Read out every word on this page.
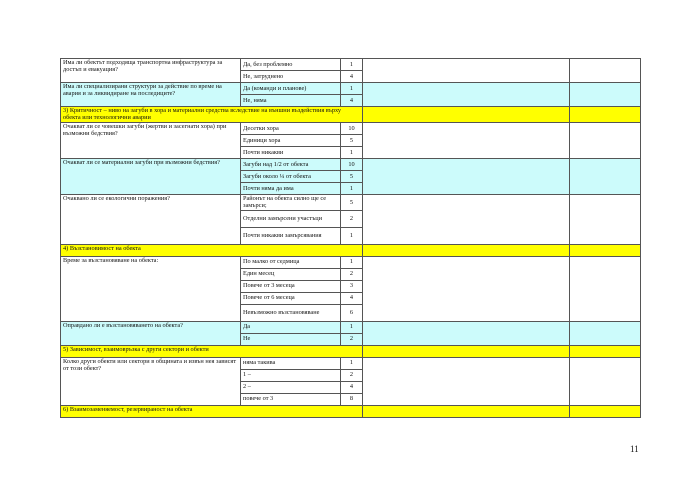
Има ли обектът подходяща транспортна инфраструктура за достъп и евакуация?	Да, без проблемно	1		
	Не, затруднено	4		
Има ли специализирани структури за действие по време на авария и за ликвидиране на последиците?	Да (команди и планове)	1		
	Не, няма	4		
3) Критичност – ниво на загуби в хора и материални средства вследствие на външни въздействия върху обекта или технологични аварии				
Очакват ли се човешки загуби (жертви и засегнати хора) при възможни бедствия?	Десетки хора	10		
	Единици хора	5		
	Почти никакви	1		
Очакват ли се материални загуби при възможни бедствия?	Загуби над 1/2 от обекта	10		
	Загуби около ¼ от обекта	5		
	Почти няма да има	1		
Очаквано ли се екологични поражения?	Районът на обекта силно ще се замърси;	5		
	Отделни замърсени участъци	2		
	Почти никакви замърсявания	1		
4) Възстановимост на обекта				
Време за възстановяване на обекта:	По малко от седмица	1		
	Един месец	2		
	Повече от 3 месеца	3		
	Повече от 6 месеца	4		
	Невъзможно възстановяване	6		
Оправдано ли е възстановяването на обекта?	Да	1		
	Не	2		
5) Зависимост, взаимовръзка с други сектори и обекти				
Колко други обекти или сектори в общината и извън нея зависят от този обект?	няма такива	1		
	1 –	2		
	2 –	4		
	повече от 3	8		
6) Взаимозаменяемост, резервираност на обекта				
11
